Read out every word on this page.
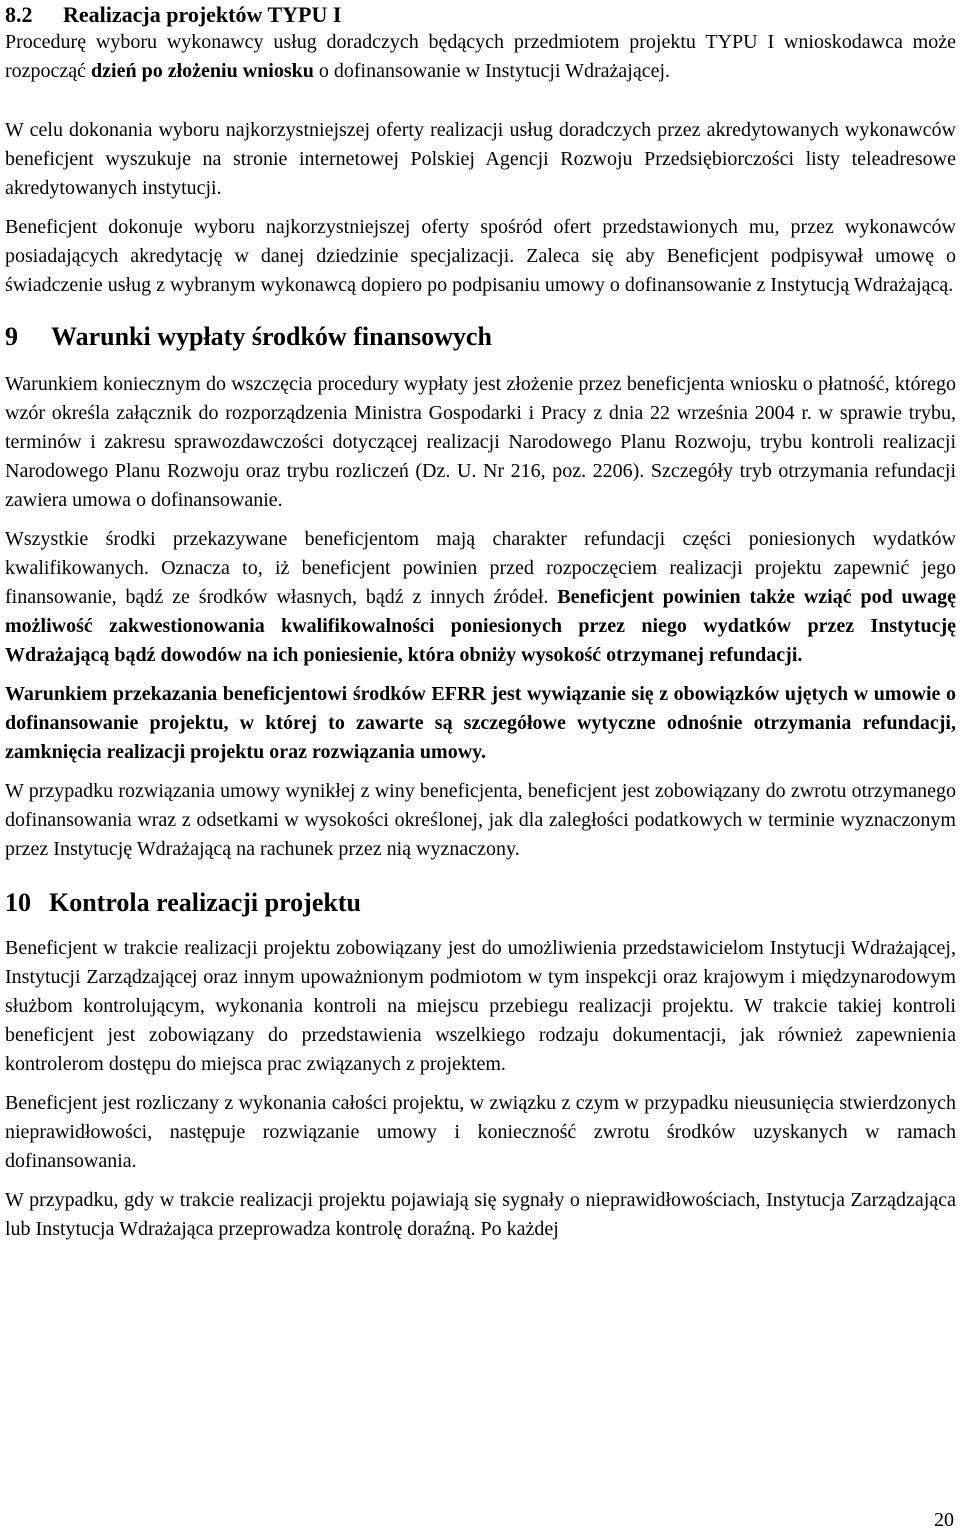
8.2	Realizacja projektów TYPU I

Procedurę wyboru wykonawcy usług doradczych będących przedmiotem projektu TYPU I wnioskodawca może rozpocząć dzień po złożeniu wniosku o dofinansowanie w Instytucji Wdrażającej.

W celu dokonania wyboru najkorzystniejszej oferty realizacji usług doradczych przez akredytowanych wykonawców beneficjent wyszukuje na stronie internetowej Polskiej Agencji Rozwoju Przedsiębiorczości listy teleadresowe akredytowanych instytucji.

Beneficjent dokonuje wyboru najkorzystniejszej oferty spośród ofert przedstawionych mu, przez wykonawców posiadających akredytację w danej dziedzinie specjalizacji. Zaleca się aby Beneficjent podpisywał umowę o świadczenie usług z wybranym wykonawcą dopiero po podpisaniu umowy o dofinansowanie z Instytucją Wdrażającą.

9	Warunki wypłaty środków finansowych

Warunkiem koniecznym do wszczęcia procedury wypłaty jest złożenie przez beneficjenta wniosku o płatność, którego wzór określa załącznik do rozporządzenia Ministra Gospodarki i Pracy z dnia 22 września 2004 r. w sprawie trybu, terminów i zakresu sprawozdawczości dotyczącej realizacji Narodowego Planu Rozwoju, trybu kontroli realizacji Narodowego Planu Rozwoju oraz trybu rozliczeń (Dz. U. Nr 216, poz. 2206). Szczegóły tryb otrzymania refundacji zawiera umowa o dofinansowanie.

Wszystkie środki przekazywane beneficjentom mają charakter refundacji części poniesionych wydatków kwalifikowanych. Oznacza to, iż beneficjent powinien przed rozpoczęciem realizacji projektu zapewnić jego finansowanie, bądź ze środków własnych, bądź z innych źródeł. Beneficjent powinien także wziąć pod uwagę możliwość zakwestionowania kwalifikowalności poniesionych przez niego wydatków przez Instytucję Wdrażającą bądź dowodów na ich poniesienie, która obniży wysokość otrzymanej refundacji.

Warunkiem przekazania beneficjentowi środków EFRR jest wywiązanie się z obowiązków ujętych w umowie o dofinansowanie projektu, w której to zawarte są szczegółowe wytyczne odnośnie otrzymania refundacji, zamknięcia realizacji projektu oraz rozwiązania umowy.

W przypadku rozwiązania umowy wynikłej z winy beneficjenta, beneficjent jest zobowiązany do zwrotu otrzymanego dofinansowania wraz z odsetkami w wysokości określonej, jak dla zaległości podatkowych w terminie wyznaczonym przez Instytucję Wdrażającą na rachunek przez nią wyznaczony.

10 Kontrola realizacji projektu

Beneficjent w trakcie realizacji projektu zobowiązany jest do umożliwienia przedstawicielom Instytucji Wdrażającej, Instytucji Zarządzającej oraz innym upoważnionym podmiotom w tym inspekcji oraz krajowym i międzynarodowym służbom kontrolującym, wykonania kontroli na miejscu przebiegu realizacji projektu. W trakcie takiej kontroli beneficjent jest zobowiązany do przedstawienia wszelkiego rodzaju dokumentacji, jak również zapewnienia kontrolerom dostępu do miejsca prac związanych z projektem.

Beneficjent jest rozliczany z wykonania całości projektu, w związku z czym w przypadku nieusunięcia stwierdzonych nieprawidłowości, następuje rozwiązanie umowy i konieczność zwrotu środków uzyskanych w ramach dofinansowania.

W przypadku, gdy w trakcie realizacji projektu pojawiają się sygnały o nieprawidłowościach, Instytucja Zarządzająca lub Instytucja Wdrażająca przeprowadza kontrolę doraźną. Po każdej

20
